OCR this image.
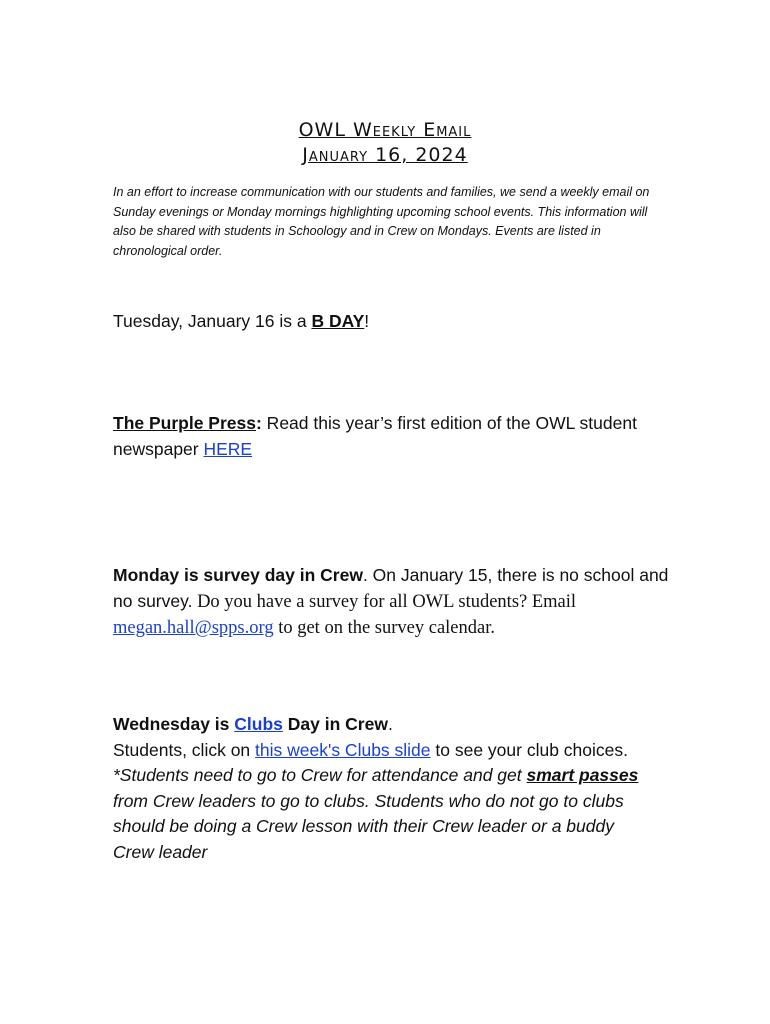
OWL Weekly Email
January 16, 2024
In an effort to increase communication with our students and families, we send a weekly email on Sunday evenings or Monday mornings highlighting upcoming school events. This information will also be shared with students in Schoology and in Crew on Mondays. Events are listed in chronological order.
Tuesday, January 16 is a B DAY!
The Purple Press: Read this year’s first edition of the OWL student newspaper HERE
Monday is survey day in Crew. On January 15, there is no school and no survey. Do you have a survey for all OWL students? Email megan.hall@spps.org to get on the survey calendar.
Wednesday is Clubs Day in Crew.
Students, click on this week's Clubs slide to see your club choices.
*Students need to go to Crew for attendance and get smart passes from Crew leaders to go to clubs. Students who do not go to clubs should be doing a Crew lesson with their Crew leader or a buddy Crew leader
